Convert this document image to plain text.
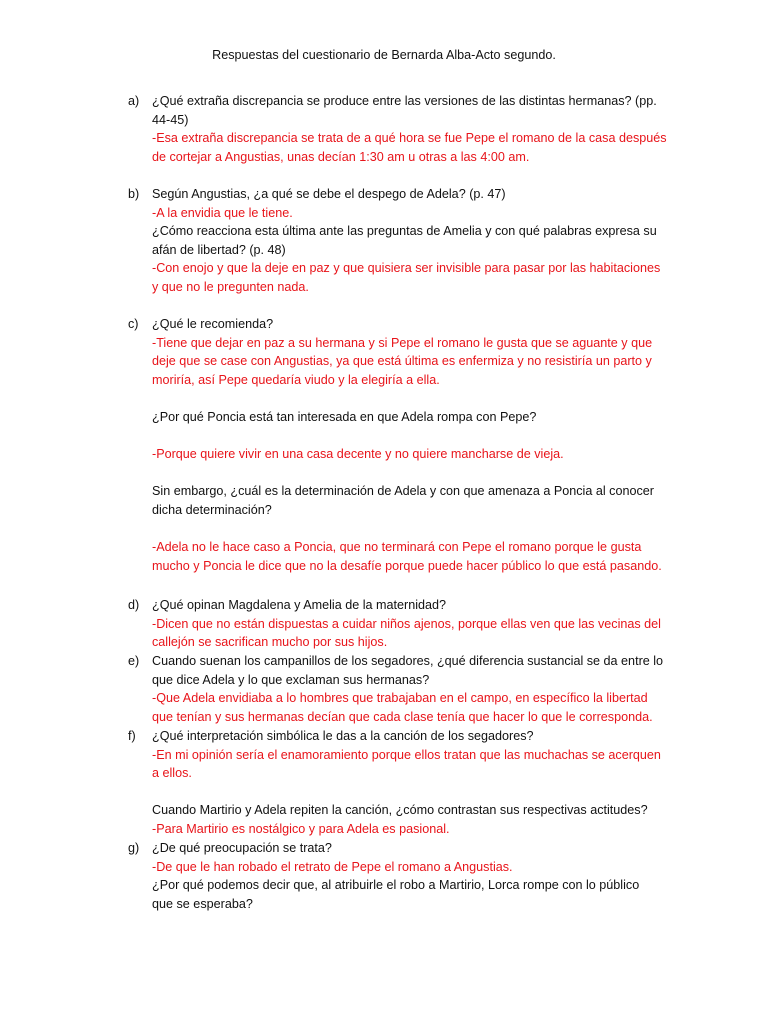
Respuestas del cuestionario de Bernarda Alba-Acto segundo.
a)	¿Qué extraña discrepancia se produce entre las versiones de las distintas hermanas? (pp.
44-45)
-Esa extraña discrepancia se trata de a qué hora se fue Pepe el romano de la casa después
de cortejar a Angustias, unas decían 1:30 am u otras a las 4:00 am.
b)	Según Angustias, ¿a qué se debe el despego de Adela? (p. 47)
-A la envidia que le tiene.
¿Cómo reacciona esta última ante las preguntas de Amelia y con qué palabras expresa su
afán de libertad? (p. 48)
-Con enojo y que la deje en paz y que quisiera ser invisible para pasar por las habitaciones
y que no le pregunten nada.
c)	¿Qué le recomienda?
-Tiene que dejar en paz a su hermana y si Pepe el romano le gusta que se aguante y que
deje que se case con Angustias, ya que está última es enfermiza y no resistiría un parto y
moriría, así Pepe quedaría viudo y la elegiría a ella.
¿Por qué Poncia está tan interesada en que Adela rompa con Pepe?
-Porque quiere vivir en una casa decente y no quiere mancharse de vieja.
Sin embargo, ¿cuál es la determinación de Adela y con que amenaza a Poncia al conocer
dicha determinación?
-Adela no le hace caso a Poncia, que no terminará con Pepe el romano porque le gusta
mucho y Poncia le dice que no la desafíe porque puede hacer público lo que está pasando.
d)	¿Qué opinan Magdalena y Amelia de la maternidad?
-Dicen que no están dispuestas a cuidar niños ajenos, porque ellas ven que las vecinas del
callejón se sacrifican mucho por sus hijos.
e)	Cuando suenan los campanillos de los segadores, ¿qué diferencia sustancial se da entre lo
que dice Adela y lo que exclaman sus hermanas?
-Que Adela envidiaba a lo hombres que trabajaban en el campo, en específico la libertad
que tenían y sus hermanas decían que cada clase tenía que hacer lo que le corresponda.
f)	¿Qué interpretación simbólica le das a la canción de los segadores?
-En mi opinión sería el enamoramiento porque ellos tratan que las muchachas se acerquen
a ellos.
Cuando Martirio y Adela repiten la canción, ¿cómo contrastan sus respectivas actitudes?
-Para Martirio es nostálgico y para Adela es pasional.
g)	¿De qué preocupación se trata?
-De que le han robado el retrato de Pepe el romano a Angustias.
¿Por qué podemos decir que, al atribuirle el robo a Martirio, Lorca rompe con lo público
que se esperaba?
